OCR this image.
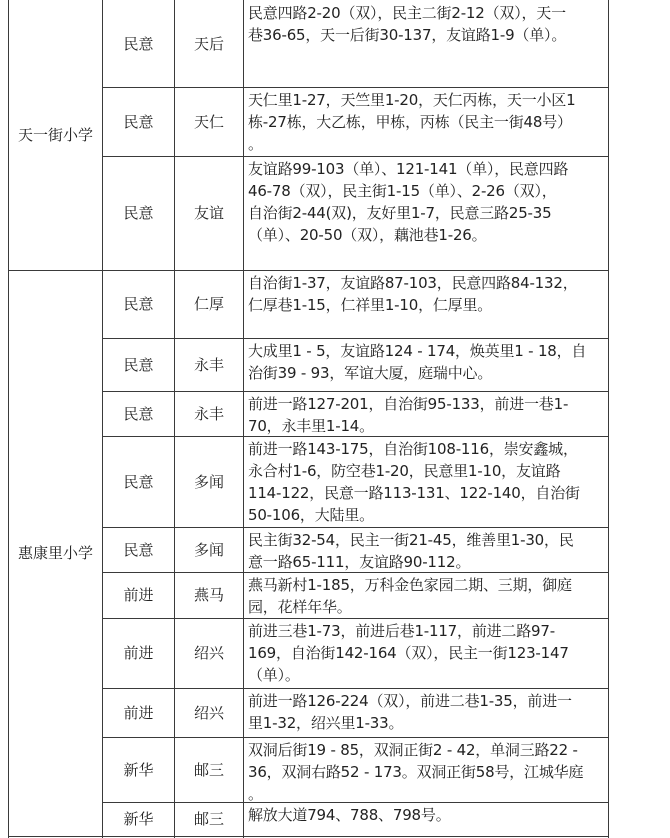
天一街小学
民意	天后
民意四路2-20（双），民主二街2-12（双），天一
巷36-65，天一后街30-137，友谊路1-9（单）。
民意	天仁
天仁里1-27，天竺里1-20，天仁丙栋，天一小区1
栋-27栋，大乙栋，甲栋，丙栋（民主一街48号）
。
民意	友谊
友谊路99-103（单）、121-141（单），民意四路
46-78（双），民主街1-15（单）、2-26（双），
自治街2-44(双)，友好里1-7，民意三路25-35
（单）、20-50（双），藕池巷1-26。
惠康里小学
民意	仁厚
自治街1-37，友谊路87-103，民意四路84-132，
仁厚巷1-15，仁祥里1-10，仁厚里。
民意	永丰
大成里1 - 5，友谊路124 - 174，焕英里1 - 18，自
治街39 - 93，军谊大厦，庭瑞中心。
民意	永丰
前进一路127-201，自治街95-133，前进一巷1-
70，永丰里1-14。
民意	多闻
前进一路143-175，自治街108-116，崇安鑫城，
永合村1-6，防空巷1-20，民意里1-10，友谊路
114-122，民意一路113-131、122-140，自治街
50-106，大陆里。
民意	多闻
民主街32-54，民主一街21-45，维善里1-30，民
意一路65-111，友谊路90-112。
前进	燕马
燕马新村1-185，万科金色家园二期、三期，御庭
园，花样年华。
前进	绍兴
前进三巷1-73，前进后巷1-117，前进二路97-
169，自治街142-164（双），民主一街123-147
（单）。
前进	绍兴
前进一路126-224（双），前进二巷1-35，前进一
里1-32，绍兴里1-33。
新华	邮三
双洞后街19 - 85，双洞正街2 - 42，单洞三路22 -
36，双洞右路52 - 173。双洞正街58号，江城华庭
。
新华	邮三	解放大道794、788、798号。
